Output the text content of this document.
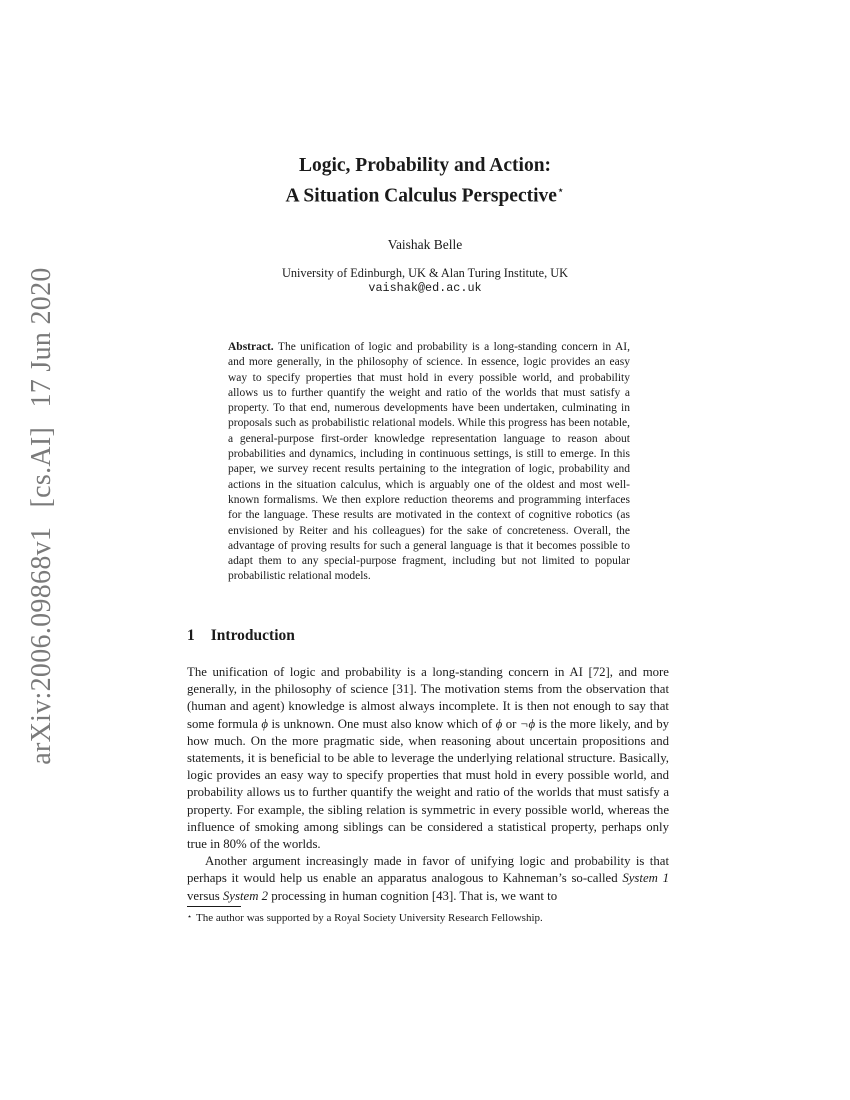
arXiv:2006.09868v1 [cs.AI] 17 Jun 2020
Logic, Probability and Action:
A Situation Calculus Perspective⋆
Vaishak Belle
University of Edinburgh, UK & Alan Turing Institute, UK
vaishak@ed.ac.uk
Abstract. The unification of logic and probability is a long-standing concern in AI, and more generally, in the philosophy of science. In essence, logic provides an easy way to specify properties that must hold in every possible world, and probability allows us to further quantify the weight and ratio of the worlds that must satisfy a property. To that end, numerous developments have been undertaken, culminating in proposals such as probabilistic relational models. While this progress has been notable, a general-purpose first-order knowledge representation language to reason about probabilities and dynamics, including in continuous settings, is still to emerge. In this paper, we survey recent results pertaining to the integration of logic, probability and actions in the situation calculus, which is arguably one of the oldest and most well-known formalisms. We then explore reduction theorems and programming interfaces for the language. These results are motivated in the context of cognitive robotics (as envisioned by Reiter and his colleagues) for the sake of concreteness. Overall, the advantage of proving results for such a general language is that it becomes possible to adapt them to any special-purpose fragment, including but not limited to popular probabilistic relational models.
1 Introduction

The unification of logic and probability is a long-standing concern in AI [72], and more generally, in the philosophy of science [31]. The motivation stems from the observation that (human and agent) knowledge is almost always incomplete. It is then not enough to say that some formula ϕ is unknown. One must also know which of ϕ or ¬ϕ is the more likely, and by how much. On the more pragmatic side, when reasoning about uncertain propositions and statements, it is beneficial to be able to leverage the underlying relational structure. Basically, logic provides an easy way to specify properties that must hold in every possible world, and probability allows us to further quantify the weight and ratio of the worlds that must satisfy a property. For example, the sibling relation is symmetric in every possible world, whereas the influence of smoking among siblings can be considered a statistical property, perhaps only true in 80% of the worlds.

Another argument increasingly made in favor of unifying logic and probability is that perhaps it would help us enable an apparatus analogous to Kahneman’s so-called System 1 versus System 2 processing in human cognition [43]. That is, we want to

⋆ The author was supported by a Royal Society University Research Fellowship.
